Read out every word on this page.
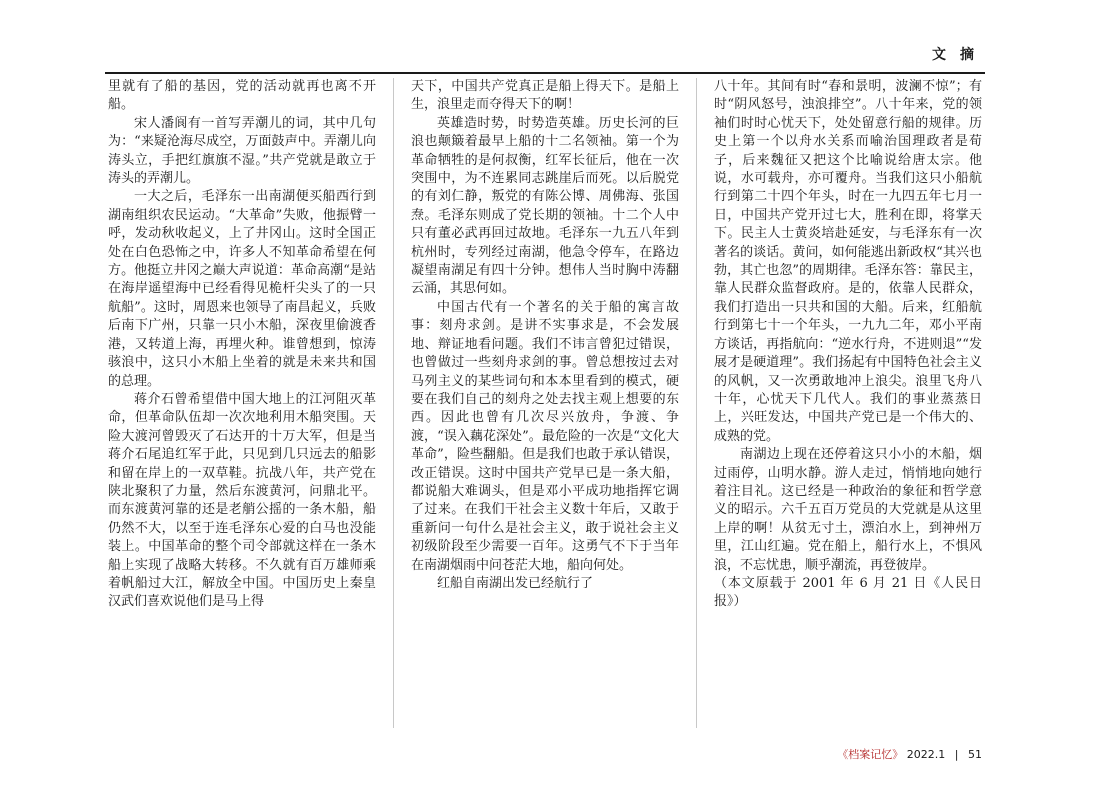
文摘

里就有了船的基因，党的活动就再也离不开船。

宋人潘阆有一首写弄潮儿的词，其中几句为：“来疑沧海尽成空，万面鼓声中。弄潮儿向涛头立，手把红旗旗不湿。”共产党就是敢立于涛头的弄潮儿。

一大之后，毛泽东一出南湖便买船西行到湖南组织农民运动。“大革命”失败，他振臂一呼，发动秋收起义，上了井冈山。这时全国正处在白色恐怖之中，许多人不知革命希望在何方。他挺立井冈之巅大声说道：革命高潮“是站在海岸遥望海中已经看得见桅杆尖头了的一只航船”。这时，周恩来也领导了南昌起义，兵败后南下广州，只靠一只小木船，深夜里偷渡香港，又转道上海，再埋火种。谁曾想到，惊涛骇浪中，这只小木船上坐着的就是未来共和国的总理。

蒋介石曾希望借中国大地上的江河阻灭革命，但革命队伍却一次次地利用木船突围。天险大渡河曾毁灭了石达开的十万大军，但是当蒋介石尾追红军于此，只见到几只远去的船影和留在岸上的一双草鞋。抗战八年，共产党在陕北聚积了力量，然后东渡黄河，问鼎北平。而东渡黄河靠的还是老艄公摇的一条木船，船仍然不大，以至于连毛泽东心爱的白马也没能装上。中国革命的整个司令部就这样在一条木船上实现了战略大转移。不久就有百万雄师乘着帆船过大江，解放全中国。中国历史上秦皇汉武们喜欢说他们是马上得

天下，中国共产党真正是船上得天下。是船上生，浪里走而夺得天下的啊！

英雄造时势，时势造英雄。历史长河的巨浪也颠簸着最早上船的十二名领袖。第一个为革命牺牲的是何叔衡，红军长征后，他在一次突围中，为不连累同志跳崖后而死。以后脱党的有刘仁静，叛党的有陈公博、周佛海、张国焘。毛泽东则成了党长期的领袖。十二个人中只有董必武再回过故地。毛泽东一九五八年到杭州时，专列经过南湖，他急令停车，在路边凝望南湖足有四十分钟。想伟人当时胸中涛翻云涌，其思何如。

中国古代有一个著名的关于船的寓言故事：刻舟求剑。是讲不实事求是，不会发展地、辩证地看问题。我们不讳言曾犯过错误，也曾做过一些刻舟求剑的事。曾总想按过去对马列主义的某些词句和本本里看到的模式，硬要在我们自己的刻舟之处去找主观上想要的东西。因此也曾有几次尽兴放舟，争渡、争渡，“误入藕花深处”。最危险的一次是“文化大革命”，险些翻船。但是我们也敢于承认错误，改正错误。这时中国共产党早已是一条大船，都说船大难调头，但是邓小平成功地指挥它调了过来。在我们干社会主义数十年后，又敢于重新问一句什么是社会主义，敢于说社会主义初级阶段至少需要一百年。这勇气不下于当年在南湖烟雨中问苍茫大地，船向何处。

红船自南湖出发已经航行了

八十年。其间有时“春和景明，波澜不惊”；有时“阴风怒号，浊浪排空”。八十年来，党的领袖们时时心忧天下，处处留意行船的规律。历史上第一个以舟水关系而喻治国理政者是荀子，后来魏征又把这个比喻说给唐太宗。他说，水可载舟，亦可覆舟。当我们这只小船航行到第二十四个年头，时在一九四五年七月一日，中国共产党开过七大，胜利在即，将掌天下。民主人士黄炎培赴延安，与毛泽东有一次著名的谈话。黄问，如何能逃出新政权“其兴也勃，其亡也忽”的周期律。毛泽东答：靠民主，靠人民群众监督政府。是的，依靠人民群众，我们打造出一只共和国的大船。后来，红船航行到第七十一个年头，一九九二年，邓小平南方谈话，再指航向：“逆水行舟，不进则退”“发展才是硬道理”。我们扬起有中国特色社会主义的风帆，又一次勇敢地冲上浪尖。浪里飞舟八十年，心忧天下几代人。我们的事业蒸蒸日上，兴旺发达，中国共产党已是一个伟大的、成熟的党。

南湖边上现在还停着这只小小的木船，烟过雨停，山明水静。游人走过，悄悄地向她行着注目礼。这已经是一种政治的象征和哲学意义的昭示。六千五百万党员的大党就是从这里上岸的啊！从贫无寸土，漂泊水上，到神州万里，江山红遍。党在船上，船行水上，不惧风浪，不忘忧患，顺乎潮流，再登彼岸。

（本文原载于 2001 年 6 月 21 日《人民日报》）

《档案记忆》 2022.1 | 51
